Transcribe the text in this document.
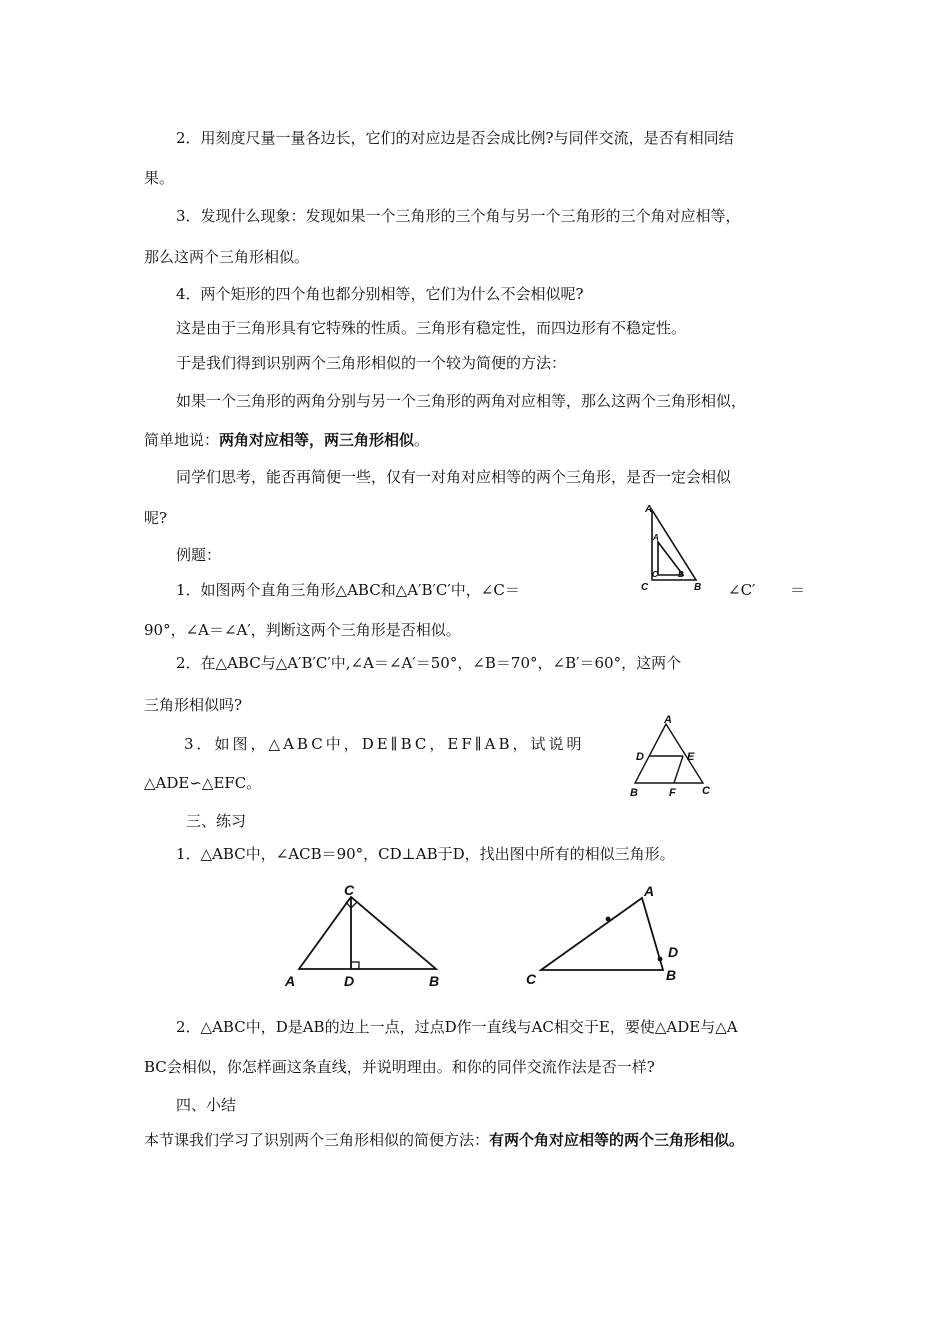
2．用刻度尺量一量各边长，它们的对应边是否会成比例?与同伴交流，是否有相同结
果。
3．发现什么现象：发现如果一个三角形的三个角与另一个三角形的三个角对应相等，
那么这两个三角形相似。
4．两个矩形的四个角也都分别相等，它们为什么不会相似呢?
这是由于三角形具有它特殊的性质。三角形有稳定性，而四边形有不稳定性。
于是我们得到识别两个三角形相似的一个较为简便的方法：
如果一个三角形的两角分别与另一个三角形的两角对应相等，那么这两个三角形相似，
简单地说：两角对应相等，两三角形相似。
同学们思考，能否再简便一些，仅有一对角对应相等的两个三角形，是否一定会相似
呢?
例题：
1．如图两个直角三角形△ABC和△A′B′C′中，∠C＝	∠C′ ＝
90°，∠A＝∠A′，判断这两个三角形是否相似。
2．在△ABC与△A′B′C′中,∠A＝∠A′＝50°，∠B＝70°，∠B′＝60°，这两个
三角形相似吗?
3．如图，△ABC中，DE∥BC，EF∥AB，试说明
△ADE∽△EFC。
三、练习
1．△ABC中，∠ACB＝90°，CD⊥AB于D，找出图中所有的相似三角形。
2．△ABC中，D是AB的边上一点，过点D作一直线与AC相交于E，要使△ADE与△A
BC会相似，你怎样画这条直线，并说明理由。和你的同伴交流作法是否一样?
四、小结
本节课我们学习了识别两个三角形相似的简便方法：有两个角对应相等的两个三角形相似。
A
C	B
A
C	B
A
D	E
B	F C
C
A	D	B
A
D
C	B
